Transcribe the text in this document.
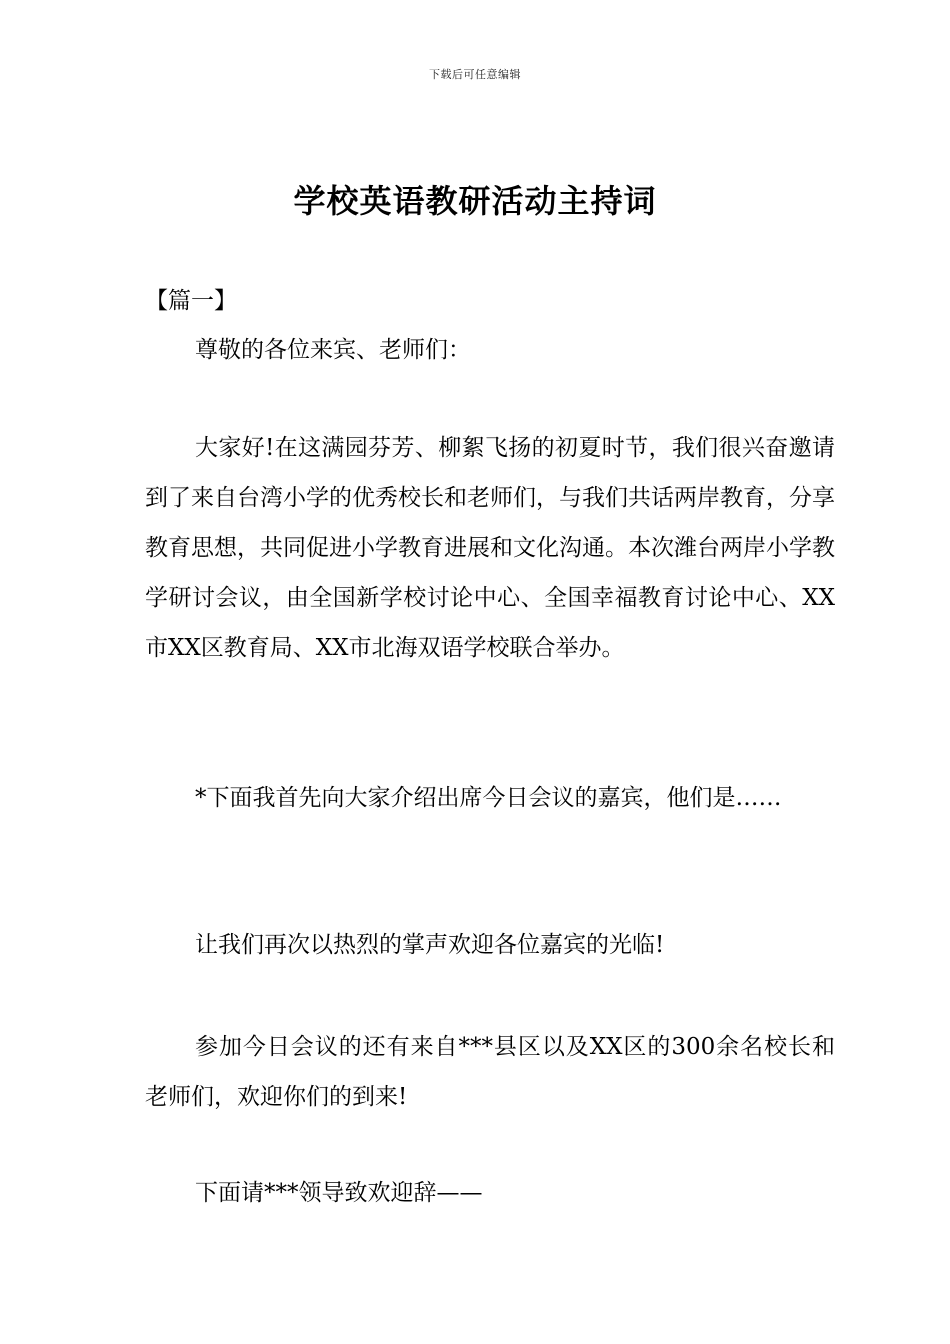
下载后可任意编辑
学校英语教研活动主持词
【篇一】

尊敬的各位来宾、老师们：

大家好!在这满园芬芳、柳絮飞扬的初夏时节，我们很兴奋邀请到了来自台湾小学的优秀校长和老师们，与我们共话两岸教育，分享教育思想，共同促进小学教育进展和文化沟通。本次潍台两岸小学教学研讨会议，由全国新学校讨论中心、全国幸福教育讨论中心、XX市XX区教育局、XX市北海双语学校联合举办。

*下面我首先向大家介绍出席今日会议的嘉宾，他们是……

让我们再次以热烈的掌声欢迎各位嘉宾的光临!

参加今日会议的还有来自***县区以及XX区的300余名校长和老师们，欢迎你们的到来!

下面请***领导致欢迎辞——
